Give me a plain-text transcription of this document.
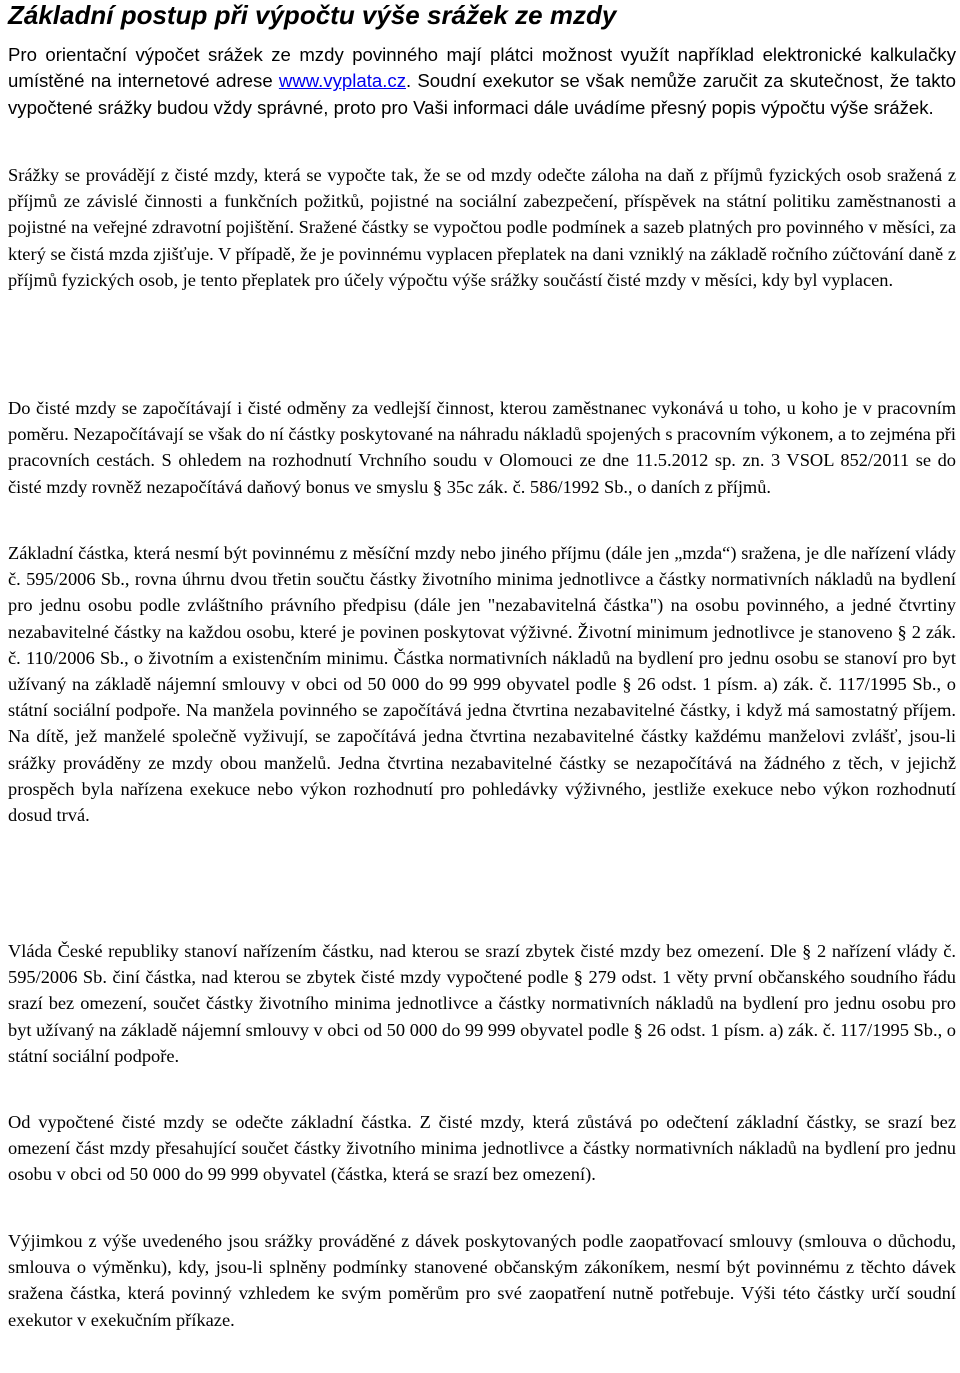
Základní postup při výpočtu výše srážek ze mzdy

Pro orientační výpočet srážek ze mzdy povinného mají plátci možnost využít například elektronické kalkulačky umístěné na internetové adrese www.vyplata.cz. Soudní exekutor se však nemůže zaručit za skutečnost, že takto vypočtené srážky budou vždy správné, proto pro Vaši informaci dále uvádíme přesný popis výpočtu výše srážek.

Srážky se provádějí z čisté mzdy, která se vypočte tak, že se od mzdy odečte záloha na daň z příjmů fyzických osob sražená z příjmů ze závislé činnosti a funkčních požitků, pojistné na sociální zabezpečení, příspěvek na státní politiku zaměstnanosti a pojistné na veřejné zdravotní pojištění. Sražené částky se vypočtou podle podmínek a sazeb platných pro povinného v měsíci, za který se čistá mzda zjišťuje. V případě, že je povinnému vyplacen přeplatek na dani vzniklý na základě ročního zúčtování daně z příjmů fyzických osob, je tento přeplatek pro účely výpočtu výše srážky součástí čisté mzdy v měsíci, kdy byl vyplacen.

Do čisté mzdy se započítávají i čisté odměny za vedlejší činnost, kterou zaměstnanec vykonává u toho, u koho je v pracovním poměru. Nezapočítávají se však do ní částky poskytované na náhradu nákladů spojených s pracovním výkonem, a to zejména při pracovních cestách. S ohledem na rozhodnutí Vrchního soudu v Olomouci ze dne 11.5.2012 sp. zn. 3 VSOL 852/2011 se do čisté mzdy rovněž nezapočítává daňový bonus ve smyslu § 35c zák. č. 586/1992 Sb., o daních z příjmů.

Základní částka, která nesmí být povinnému z měsíční mzdy nebo jiného příjmu (dále jen „mzda“) sražena, je dle nařízení vlády č. 595/2006 Sb., rovna úhrnu dvou třetin součtu částky životního minima jednotlivce a částky normativních nákladů na bydlení pro jednu osobu podle zvláštního právního předpisu (dále jen "nezabavitelná částka") na osobu povinného, a jedné čtvrtiny nezabavitelné částky na každou osobu, které je povinen poskytovat výživné. Životní minimum jednotlivce je stanoveno § 2 zák. č. 110/2006 Sb., o životním a existenčním minimu. Částka normativních nákladů na bydlení pro jednu osobu se stanoví pro byt užívaný na základě nájemní smlouvy v obci od 50 000 do 99 999 obyvatel podle § 26 odst. 1 písm. a) zák. č. 117/1995 Sb., o státní sociální podpoře. Na manžela povinného se započítává jedna čtvrtina nezabavitelné částky, i když má samostatný příjem. Na dítě, jež manželé společně vyživují, se započítává jedna čtvrtina nezabavitelné částky každému manželovi zvlášť, jsou-li srážky prováděny ze mzdy obou manželů. Jedna čtvrtina nezabavitelné částky se nezapočítává na žádného z těch, v jejichž prospěch byla nařízena exekuce nebo výkon rozhodnutí pro pohledávky výživného, jestliže exekuce nebo výkon rozhodnutí dosud trvá.

Vláda České republiky stanoví nařízením částku, nad kterou se srazí zbytek čisté mzdy bez omezení. Dle § 2 nařízení vlády č. 595/2006 Sb. činí částka, nad kterou se zbytek čisté mzdy vypočtené podle § 279 odst. 1 věty první občanského soudního řádu srazí bez omezení, součet částky životního minima jednotlivce a částky normativních nákladů na bydlení pro jednu osobu pro byt užívaný na základě nájemní smlouvy v obci od 50 000 do 99 999 obyvatel podle § 26 odst. 1 písm. a) zák. č. 117/1995 Sb., o státní sociální podpoře.

Od vypočtené čisté mzdy se odečte základní částka. Z čisté mzdy, která zůstává po odečtení základní částky, se srazí bez omezení část mzdy přesahující součet částky životního minima jednotlivce a částky normativních nákladů na bydlení pro jednu osobu v obci od 50 000 do 99 999 obyvatel (částka, která se srazí bez omezení).

Výjimkou z výše uvedeného jsou srážky prováděné z dávek poskytovaných podle zaopatřovací smlouvy (smlouva o důchodu, smlouva o výměnku), kdy, jsou-li splněny podmínky stanovené občanským zákoníkem, nesmí být povinnému z těchto dávek sražena částka, která povinný vzhledem ke svým poměrům pro své zaopatření nutně potřebuje. Výši této částky určí soudní exekutor v exekučním příkaze.
